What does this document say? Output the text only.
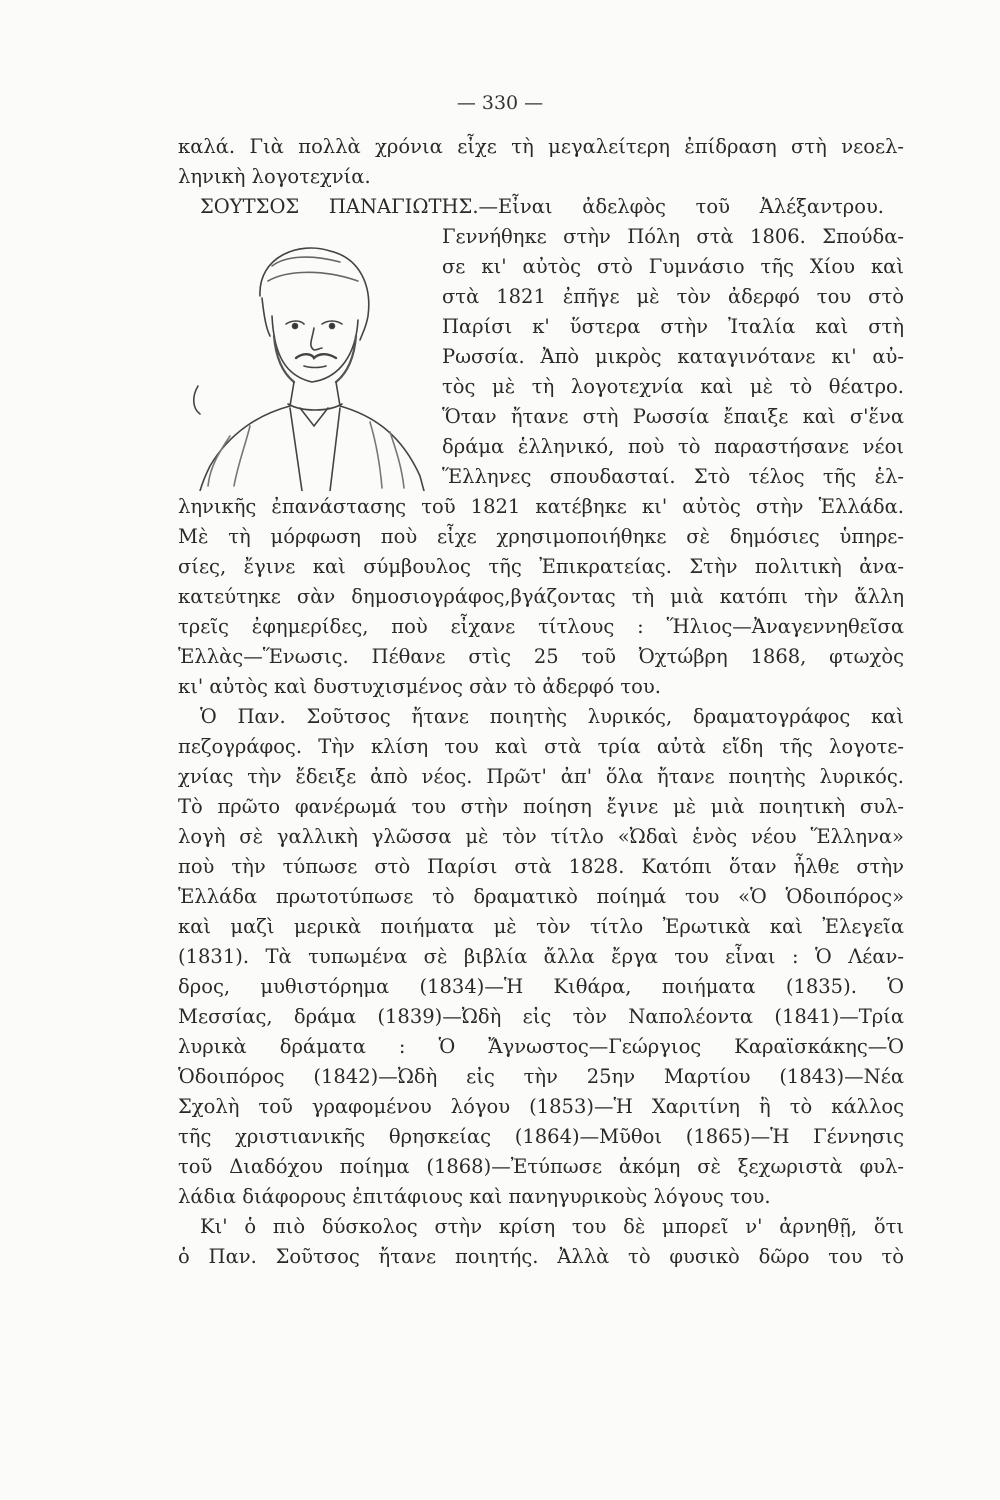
— 330 —
καλά. Γιὰ πολλὰ χρόνια εἶχε τὴ μεγαλείτερη ἐπίδραση στὴ νεοελ-
ληνικὴ λογοτεχνία.
ΣΟΥΤΣΟΣ ΠΑΝΑΓΙΩΤΗΣ.—Εἶναι ἀδελφὸς τοῦ Ἀλέξαντρου.
Γεννήθηκε στὴν Πόλη στὰ 1806. Σπούδα-
σε κι' αὐτὸς στὸ Γυμνάσιο τῆς Χίου καὶ
στὰ 1821 ἐπῆγε μὲ τὸν ἀδερφό του στὸ
Παρίσι κ' ὕστερα στὴν Ἰταλία καὶ στὴ
Ρωσσία. Ἀπὸ μικρὸς καταγινότανε κι' αὐ-
τὸς μὲ τὴ λογοτεχνία καὶ μὲ τὸ θέατρο.
Ὅταν ἤτανε στὴ Ρωσσία ἔπαιξε καὶ σ'ἕνα
δράμα ἑλληνικό, ποὺ τὸ παραστήσανε νέοι
Ἕλληνες σπουδασταί. Στὸ τέλος τῆς ἑλ-
ληνικῆς ἐπανάστασης τοῦ 1821 κατέβηκε κι' αὐτὸς στὴν Ἑλλάδα.
Μὲ τὴ μόρφωση ποὺ εἶχε χρησιμοποιήθηκε σὲ δημόσιες ὑπηρε-
σίες, ἔγινε καὶ σύμβουλος τῆς Ἐπικρατείας. Στὴν πολιτικὴ ἀνα-
κατεύτηκε σὰν δημοσιογράφος,βγάζοντας τὴ μιὰ κατόπι τὴν ἄλλη
τρεῖς ἐφημερίδες, ποὺ εἶχανε τίτλους : Ἥλιος—Ἀναγεννηθεῖσα
Ἑλλὰς—Ἕνωσις. Πέθανε στὶς 25 τοῦ Ὀχτώβρη 1868, φτωχὸς
κι' αὐτὸς καὶ δυστυχισμένος σὰν τὸ ἀδερφό του.
Ὁ Παν. Σοῦτσος ἤτανε ποιητὴς λυρικός, δραματογράφος καὶ
πεζογράφος. Τὴν κλίση του καὶ στὰ τρία αὐτὰ εἴδη τῆς λογοτε-
χνίας τὴν ἔδειξε ἀπὸ νέος. Πρῶτ' ἀπ' ὅλα ἤτανε ποιητὴς λυρικός.
Τὸ πρῶτο φανέρωμά του στὴν ποίηση ἔγινε μὲ μιὰ ποιητικὴ συλ-
λογὴ σὲ γαλλικὴ γλῶσσα μὲ τὸν τίτλο «Ὠδαὶ ἑνὸς νέου Ἕλληνα»
ποὺ τὴν τύπωσε στὸ Παρίσι στὰ 1828. Κατόπι ὅταν ἦλθε στὴν
Ἑλλάδα πρωτοτύπωσε τὸ δραματικὸ ποίημά του «Ὁ Ὁδοιπόρος»
καὶ μαζὶ μερικὰ ποιήματα μὲ τὸν τίτλο Ἐρωτικὰ καὶ Ἐλεγεῖα
(1831). Τὰ τυπωμένα σὲ βιβλία ἄλλα ἔργα του εἶναι : Ὁ Λέαν-
δρος, μυθιστόρημα (1834)—Ἡ Κιθάρα, ποιήματα (1835). Ὁ
Μεσσίας, δράμα (1839)—Ὠδὴ εἰς τὸν Ναπολέοντα (1841)—Τρία
λυρικὰ δράματα : Ὁ Ἄγνωστος—Γεώργιος Καραϊσκάκης—Ὁ
Ὁδοιπόρος (1842)—Ὠδὴ εἰς τὴν 25ην Μαρτίου (1843)—Νέα
Σχολὴ τοῦ γραφομένου λόγου (1853)—Ἡ Χαριτίνη ἢ τὸ κάλλος
τῆς χριστιανικῆς θρησκείας (1864)—Μῦθοι (1865)—Ἡ Γέννησις
τοῦ Διαδόχου ποίημα (1868)—Ἐτύπωσε ἀκόμη σὲ ξεχωριστὰ φυλ-
λάδια διάφορους ἐπιτάφιους καὶ πανηγυρικοὺς λόγους του.
Κι' ὁ πιὸ δύσκολος στὴν κρίση του δὲ μπορεῖ ν' ἀρνηθῇ, ὅτι
ὁ Παν. Σοῦτσος ἤτανε ποιητής. Ἀλλὰ τὸ φυσικὸ δῶρο του τὸ
